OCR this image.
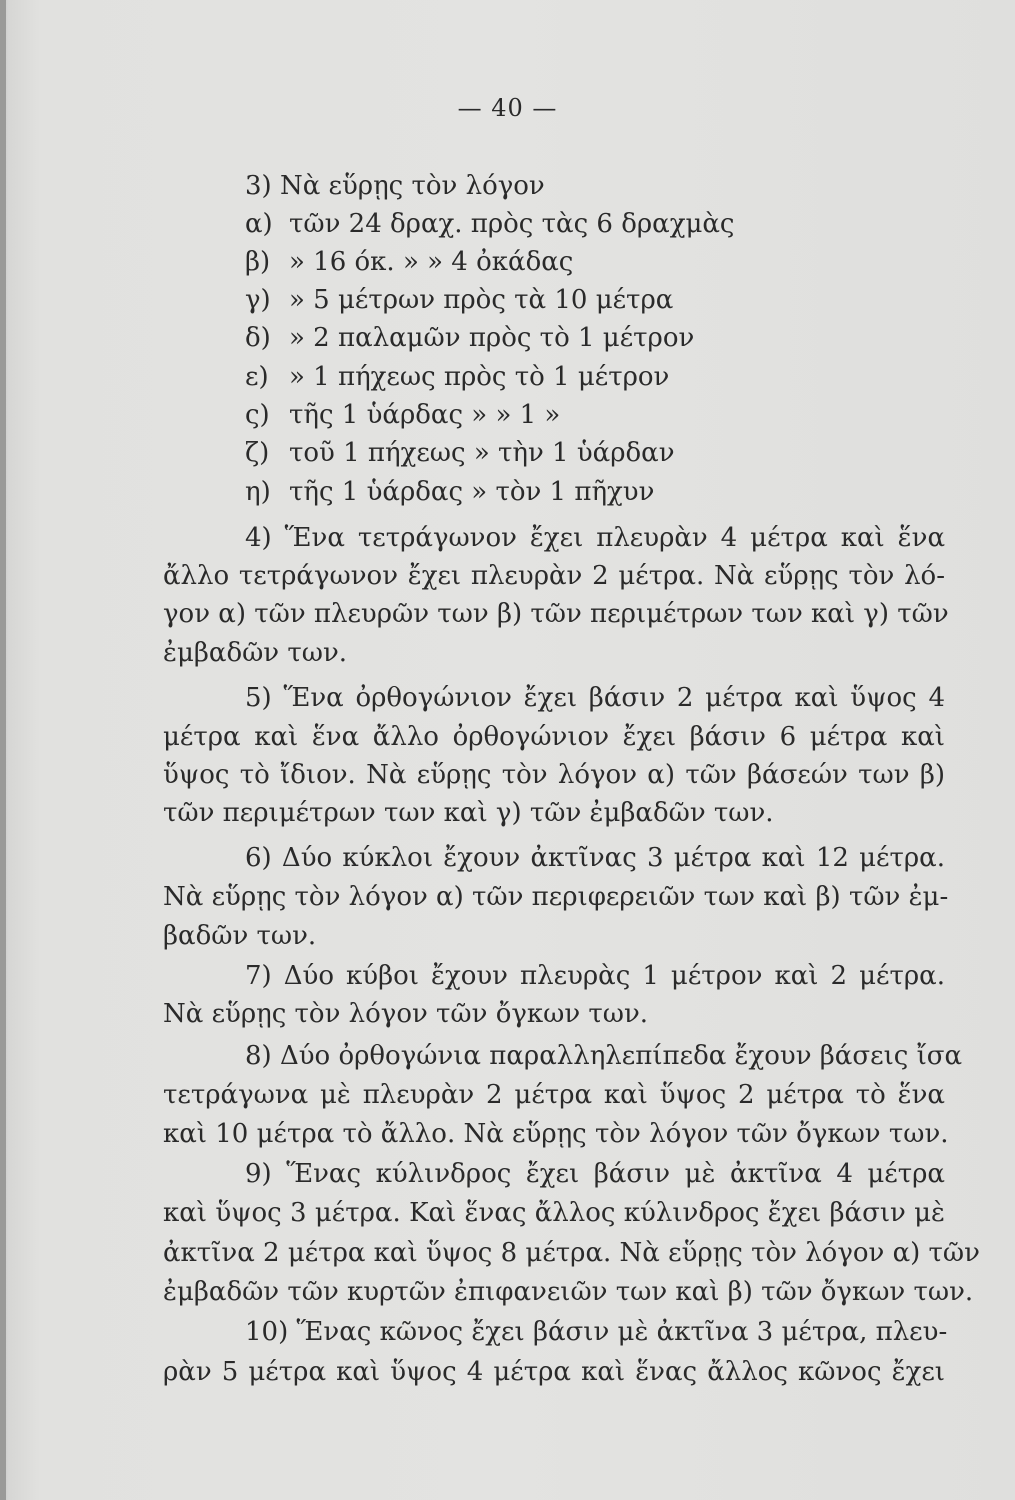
— 40 —
3) Νὰ εὕρῃς τὸν λόγον
α) τῶν 24 δραχ. πρὸς τὰς 6 δραχμὰς
β) » 16 όκ. » » 4 ὀκάδας
γ) » 5 μέτρων πρὸς τὰ 10 μέτρα
δ) » 2 παλαμῶν πρὸς τὸ 1 μέτρον
ε) » 1 πήχεως πρὸς τὸ 1 μέτρον
ς) τῆς 1 ὑάρδας » » 1 »
ζ) τοῦ 1 πήχεως » τὴν 1 ὑάρδαν
η) τῆς 1 ὑάρδας » τὸν 1 πῆχυν
4) Ἕνα τετράγωνον ἔχει πλευρὰν 4 μέτρα καὶ ἕνα
ἄλλο τετράγωνον ἔχει πλευρὰν 2 μέτρα. Νὰ εὕρῃς τὸν λό-
γον α) τῶν πλευρῶν των β) τῶν περιμέτρων των καὶ γ) τῶν
ἐμβαδῶν των.
5) Ἕνα ὀρθογώνιον ἔχει βάσιν 2 μέτρα καὶ ὕψος 4
μέτρα καὶ ἕνα ἄλλο ὀρθογώνιον ἔχει βάσιν 6 μέτρα καὶ
ὕψος τὸ ἴδιον. Νὰ εὕρῃς τὸν λόγον α) τῶν βάσεών των β)
τῶν περιμέτρων των καὶ γ) τῶν ἐμβαδῶν των.
6) Δύο κύκλοι ἔχουν ἀκτῖνας 3 μέτρα καὶ 12 μέτρα.
Νὰ εὕρῃς τὸν λόγον α) τῶν περιφερειῶν των καὶ β) τῶν ἐμ-
βαδῶν των.
7) Δύο κύβοι ἔχουν πλευρὰς 1 μέτρον καὶ 2 μέτρα.
Νὰ εὕρῃς τὸν λόγον τῶν ὄγκων των.
8) Δύο ὀρθογώνια παραλληλεπίπεδα ἔχουν βάσεις ἴσα
τετράγωνα μὲ πλευρὰν 2 μέτρα καὶ ὕψος 2 μέτρα τὸ ἕνα
καὶ 10 μέτρα τὸ ἄλλο. Νὰ εὕρῃς τὸν λόγον τῶν ὄγκων των.
9) Ἕνας κύλινδρος ἔχει βάσιν μὲ ἀκτῖνα 4 μέτρα
καὶ ὕψος 3 μέτρα. Καὶ ἕνας ἄλλος κύλινδρος ἔχει βάσιν μὲ
ἀκτῖνα 2 μέτρα καὶ ὕψος 8 μέτρα. Νὰ εὕρῃς τὸν λόγον α) τῶν
ἐμβαδῶν τῶν κυρτῶν ἐπιφανειῶν των καὶ β) τῶν ὄγκων των.
10) Ἕνας κῶνος ἔχει βάσιν μὲ ἀκτῖνα 3 μέτρα, πλευ-
ρὰν 5 μέτρα καὶ ὕψος 4 μέτρα καὶ ἕνας ἄλλος κῶνος ἔχει
